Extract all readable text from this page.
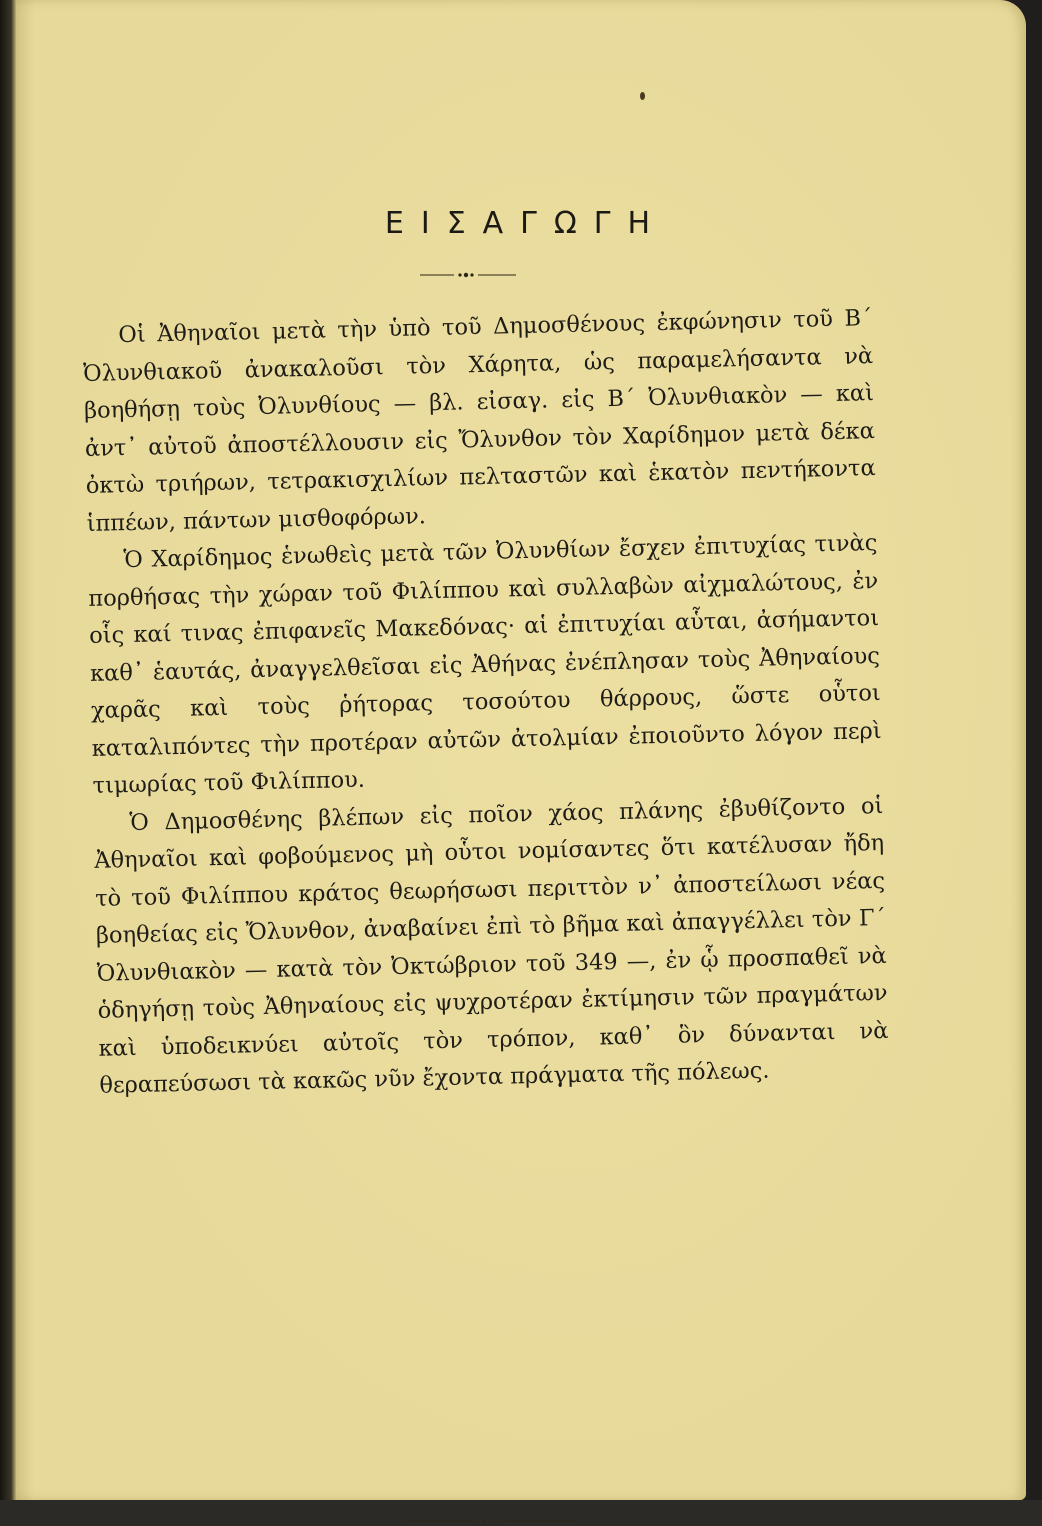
ΕΙΣΑΓΩΓΗ

Οἱ Ἀθηναῖοι μετὰ τὴν ὑπὸ τοῦ Δημοσθένους ἐκφώνησιν τοῦ Β΄ Ὀλυνθιακοῦ ἀνακαλοῦσι τὸν Χάρητα, ὡς παραμελήσαντα νὰ βοηθήσῃ τοὺς Ὀλυνθίους — βλ. εἰσαγ. εἰς Β΄ Ὀλυνθιακὸν — καὶ ἀντ᾽ αὐτοῦ ἀποστέλλουσιν εἰς Ὄλυνθον τὸν Χαρίδημον μετὰ δέκα ὀκτὼ τριήρων, τετρακισχιλίων πελταστῶν καὶ ἑκατὸν πεντήκοντα ἱππέων, πάντων μισθοφόρων.

Ὁ Χαρίδημος ἑνωθεὶς μετὰ τῶν Ὀλυνθίων ἔσχεν ἐπιτυχίας τινὰς πορθήσας τὴν χώραν τοῦ Φιλίππου καὶ συλλαβὼν αἰχμαλώτους, ἐν οἷς καί τινας ἐπιφανεῖς Μακεδόνας· αἱ ἐπιτυχίαι αὗται, ἀσήμαντοι καθ᾽ ἑαυτάς, ἀναγγελθεῖσαι εἰς Ἀθήνας ἐνέπλησαν τοὺς Ἀθηναίους χαρᾶς καὶ τοὺς ῥήτορας τοσούτου θάρρους, ὥστε οὗτοι καταλιπόντες τὴν προτέραν αὐτῶν ἀτολμίαν ἐποιοῦντο λόγον περὶ τιμωρίας τοῦ Φιλίππου.

Ὁ Δημοσθένης βλέπων εἰς ποῖον χάος πλάνης ἐβυθίζοντο οἱ Ἀθηναῖοι καὶ φοβούμενος μὴ οὗτοι νομίσαντες ὅτι κατέλυσαν ἤδη τὸ τοῦ Φιλίππου κράτος θεωρήσωσι περιττὸν ν᾽ ἀποστείλωσι νέας βοηθείας εἰς Ὄλυνθον, ἀναβαίνει ἐπὶ τὸ βῆμα καὶ ἀπαγγέλλει τὸν Γ΄ Ὀλυνθιακὸν — κατὰ τὸν Ὀκτώβριον τοῦ 349 —, ἐν ᾧ προσπαθεῖ νὰ ὁδηγήσῃ τοὺς Ἀθηναίους εἰς ψυχροτέραν ἐκτίμησιν τῶν πραγμάτων καὶ ὑποδεικνύει αὐτοῖς τὸν τρόπον, καθ᾽ ὃν δύνανται νὰ θεραπεύσωσι τὰ κακῶς νῦν ἔχοντα πράγματα τῆς πόλεως.
